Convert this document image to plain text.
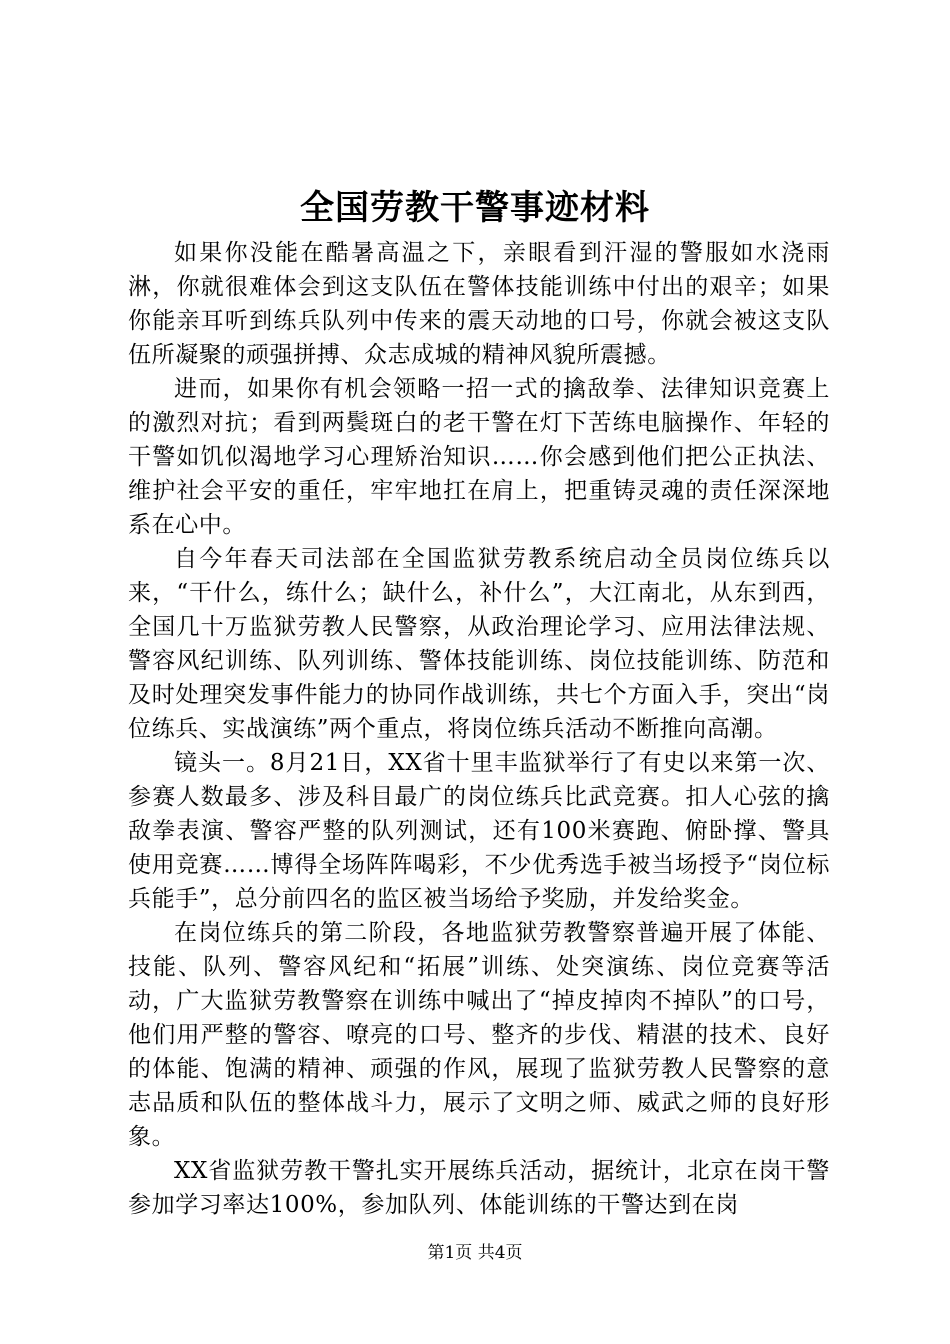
全国劳教干警事迹材料

如果你没能在酷暑高温之下，亲眼看到汗湿的警服如水浇雨淋，你就很难体会到这支队伍在警体技能训练中付出的艰辛；如果你能亲耳听到练兵队列中传来的震天动地的口号，你就会被这支队伍所凝聚的顽强拼搏、众志成城的精神风貌所震撼。

进而，如果你有机会领略一招一式的擒敌拳、法律知识竞赛上的激烈对抗；看到两鬓斑白的老干警在灯下苦练电脑操作、年轻的干警如饥似渴地学习心理矫治知识……你会感到他们把公正执法、维护社会平安的重任，牢牢地扛在肩上，把重铸灵魂的责任深深地系在心中。

自今年春天司法部在全国监狱劳教系统启动全员岗位练兵以来，“干什么，练什么；缺什么，补什么”，大江南北，从东到西，全国几十万监狱劳教人民警察，从政治理论学习、应用法律法规、警容风纪训练、队列训练、警体技能训练、岗位技能训练、防范和及时处理突发事件能力的协同作战训练，共七个方面入手，突出“岗位练兵、实战演练”两个重点，将岗位练兵活动不断推向高潮。

镜头一。8月21日，XX省十里丰监狱举行了有史以来第一次、参赛人数最多、涉及科目最广的岗位练兵比武竞赛。扣人心弦的擒敌拳表演、警容严整的队列测试，还有100米赛跑、俯卧撑、警具使用竞赛……博得全场阵阵喝彩，不少优秀选手被当场授予“岗位标兵能手”，总分前四名的监区被当场给予奖励，并发给奖金。

在岗位练兵的第二阶段，各地监狱劳教警察普遍开展了体能、技能、队列、警容风纪和“拓展”训练、处突演练、岗位竞赛等活动，广大监狱劳教警察在训练中喊出了“掉皮掉肉不掉队”的口号，他们用严整的警容、嘹亮的口号、整齐的步伐、精湛的技术、良好的体能、饱满的精神、顽强的作风，展现了监狱劳教人民警察的意志品质和队伍的整体战斗力，展示了文明之师、威武之师的良好形象。

XX省监狱劳教干警扎实开展练兵活动，据统计，北京在岗干警参加学习率达100%，参加队列、体能训练的干警达到在岗

第1页 共4页
